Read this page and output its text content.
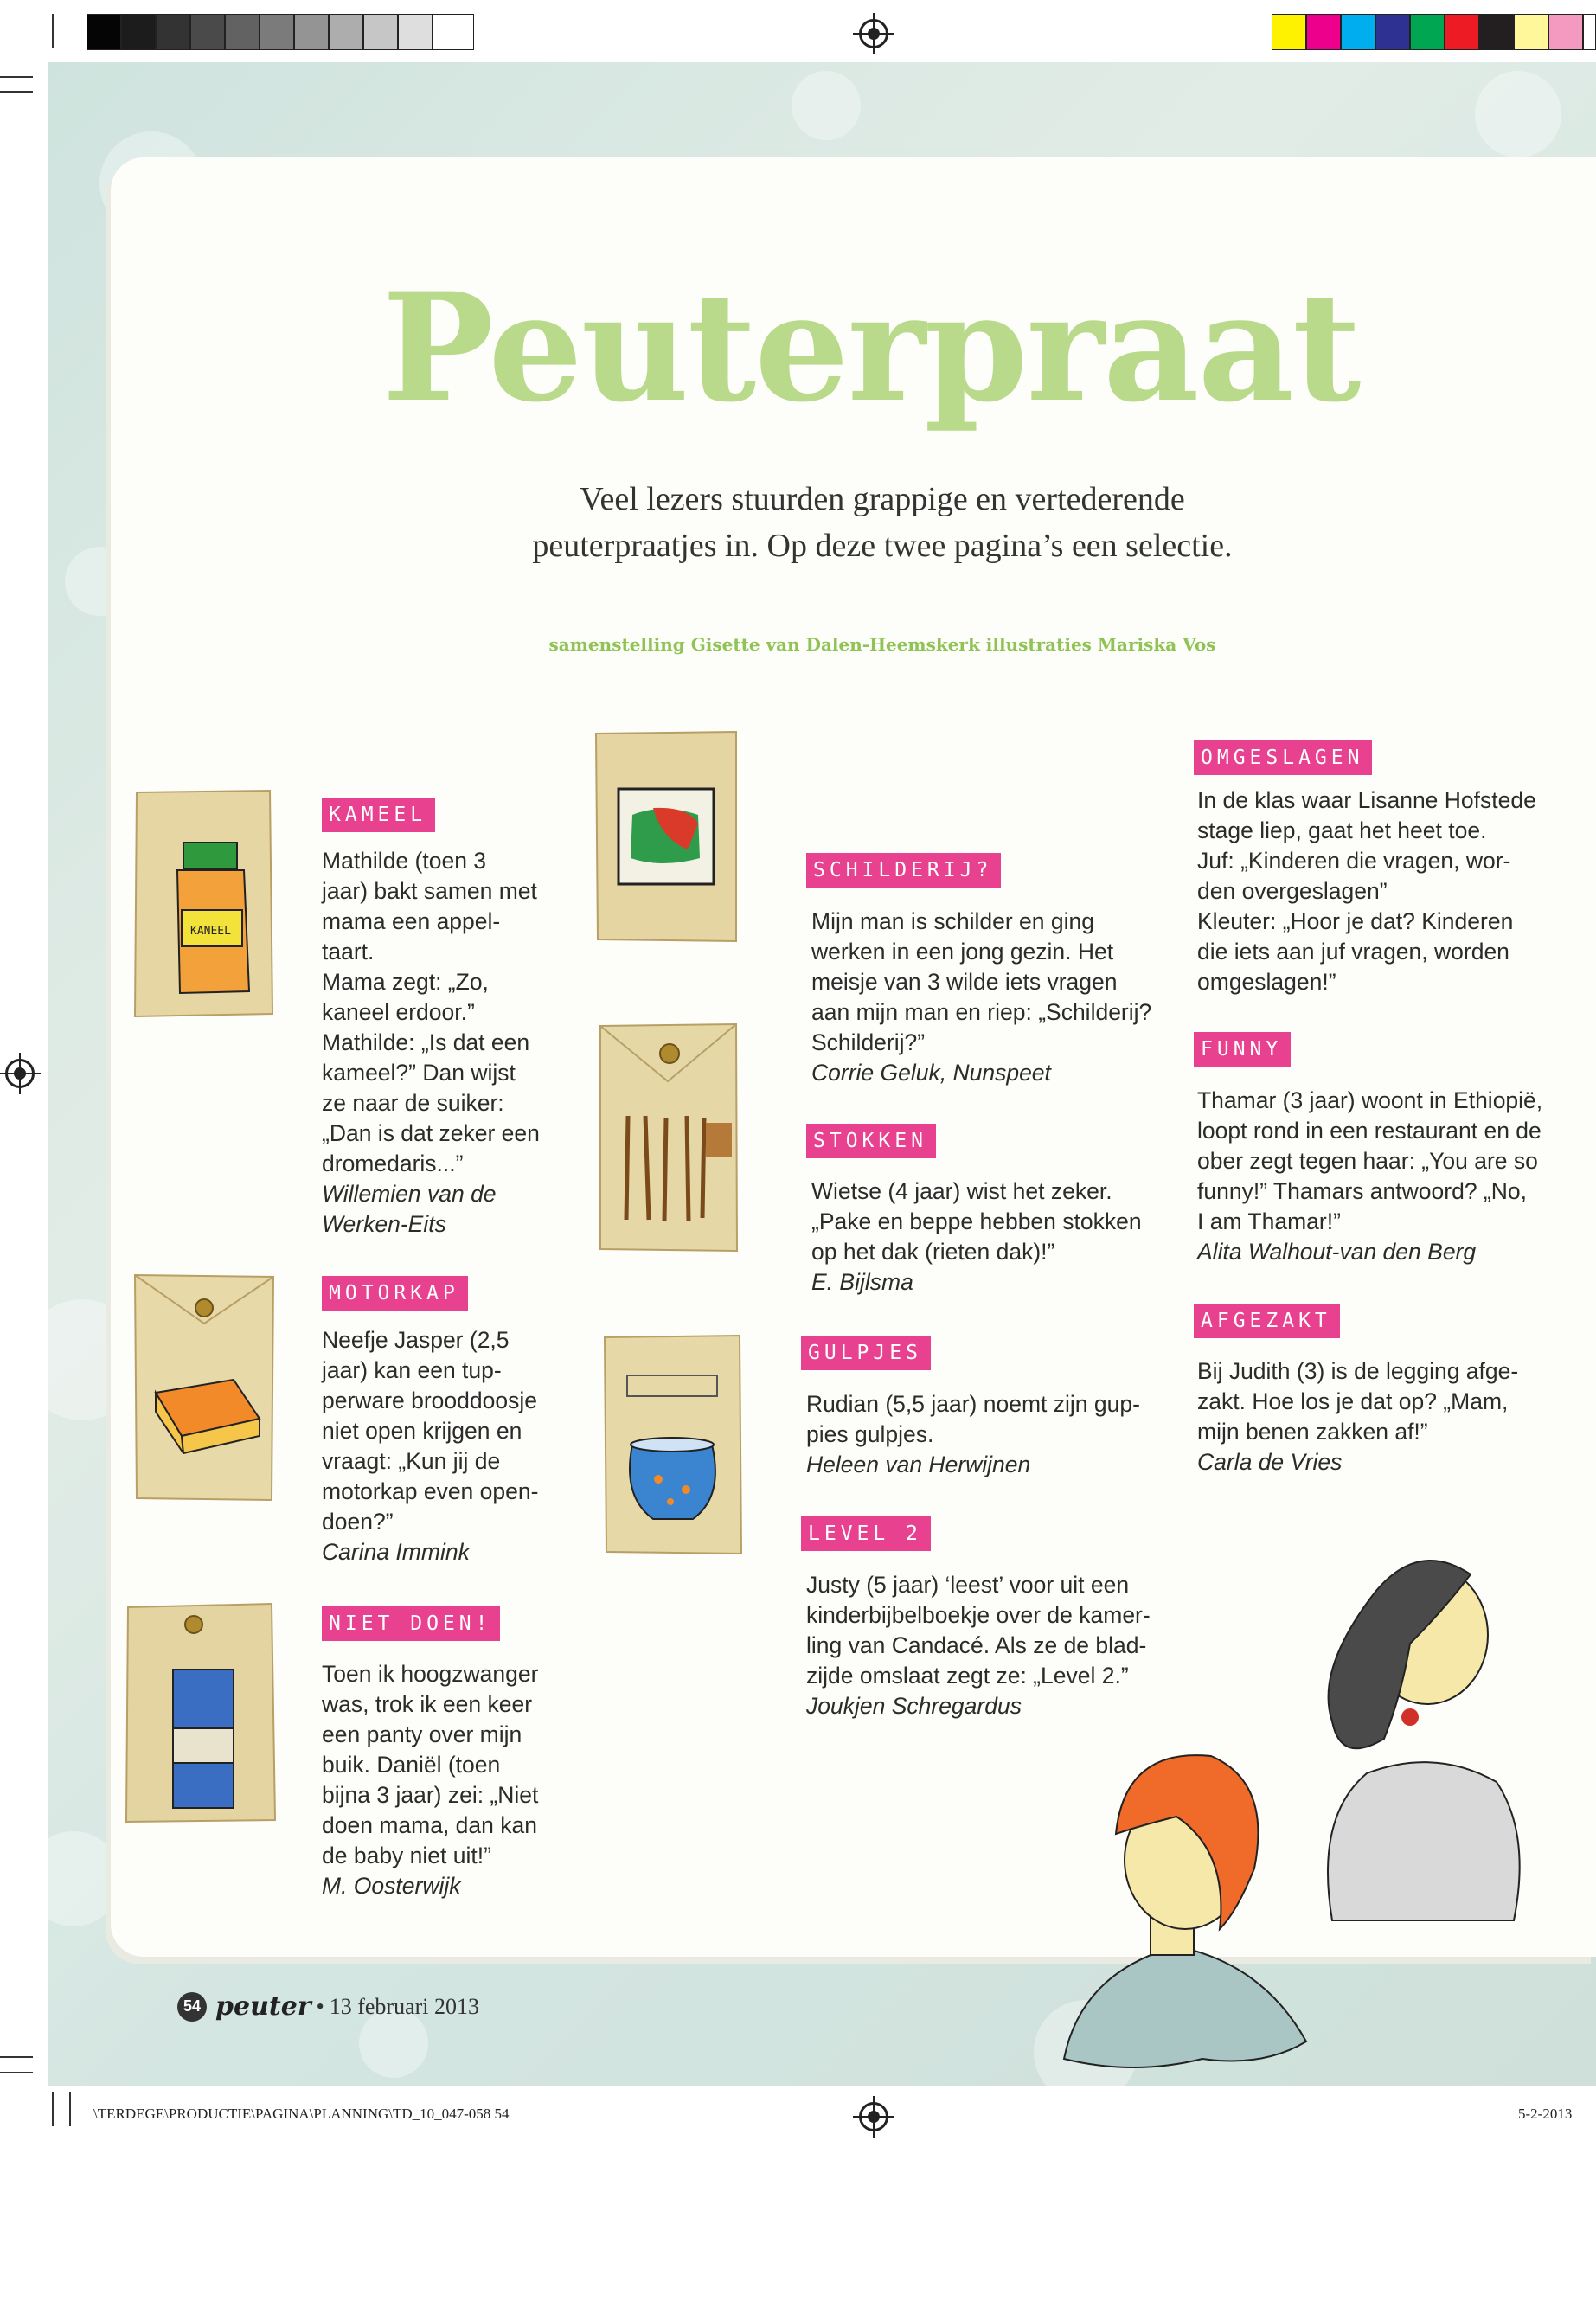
Peuterpraat
Veel lezers stuurden grappige en vertederende
peuterpraatjes in. Op deze twee pagina’s een selectie.
samenstelling Gisette van Dalen-Heemskerk illustraties Mariska Vos
KANEEL
KAMEEL
Mathilde (toen 3
jaar) bakt samen met
mama een appel-
taart.
Mama zegt: „Zo,
kaneel erdoor.”
Mathilde: „Is dat een
kameel?” Dan wijst
ze naar de suiker:
„Dan is dat zeker een
dromedaris...”
Willemien van de
Werken-Eits
MOTORKAP
Neefje Jasper (2,5
jaar) kan een tup-
perware brooddoosje
niet open krijgen en
vraagt: „Kun jij de
motorkap even open-
doen?”
Carina Immink
NIET DOEN!
Toen ik hoogzwanger
was, trok ik een keer
een panty over mijn
buik. Daniël (toen
bijna 3 jaar) zei: „Niet
doen mama, dan kan
de baby niet uit!”
M. Oosterwijk
SCHILDERIJ?
Mijn man is schilder en ging
werken in een jong gezin. Het
meisje van 3 wilde iets vragen
aan mijn man en riep: „Schilderij?
Schilderij?”
Corrie Geluk, Nunspeet
STOKKEN
Wietse (4 jaar) wist het zeker.
„Pake en beppe hebben stokken
op het dak (rieten dak)!”
E. Bijlsma
GULPJES
Rudian (5,5 jaar) noemt zijn gup-
pies gulpjes.
Heleen van Herwijnen
LEVEL 2
Justy (5 jaar) ‘leest’ voor uit een
kinderbijbelboekje over de kamer-
ling van Candacé. Als ze de blad-
zijde omslaat zegt ze: „Level 2.”
Joukjen Schregardus
OMGESLAGEN
In de klas waar Lisanne Hofstede
stage liep, gaat het heet toe.
Juf: „Kinderen die vragen, wor-
den overgeslagen”
Kleuter: „Hoor je dat? Kinderen
die iets aan juf vragen, worden
omgeslagen!”
FUNNY
Thamar (3 jaar) woont in Ethiopië,
loopt rond in een restaurant en de
ober zegt tegen haar: „You are so
funny!” Thamars antwoord? „No,
I am Thamar!”
Alita Walhout-van den Berg
AFGEZAKT
Bij Judith (3) is de legging afge-
zakt. Hoe los je dat op? „Mam,
mijn benen zakken af!”
Carla de Vries
54 peuter • 13 februari 2013
\TERDEGE\PRODUCTIE\PAGINA\PLANNING\TD_10_047-058 54	5-2-2013
